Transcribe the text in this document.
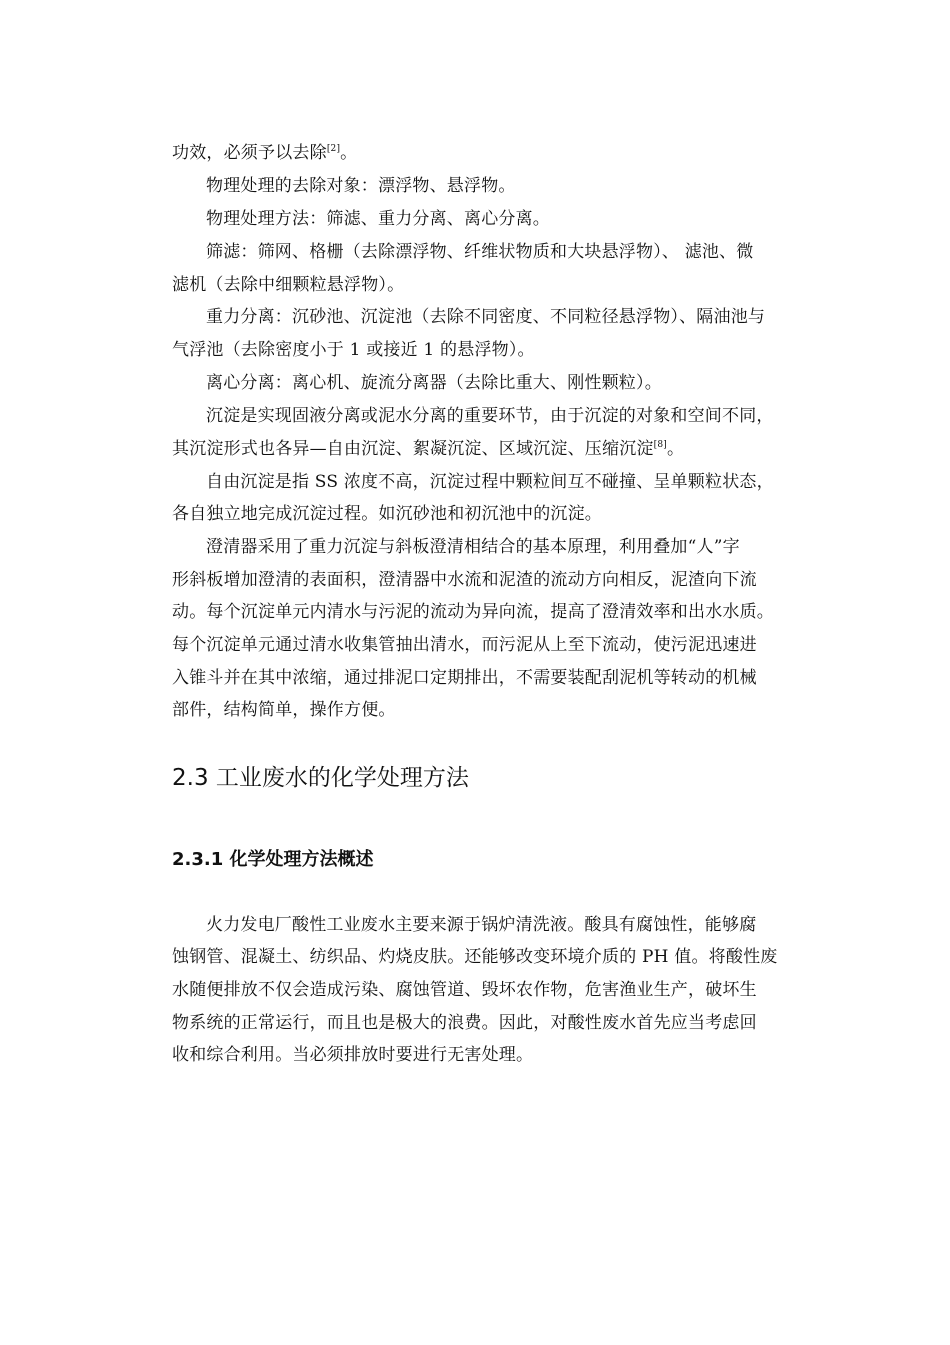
功效，必须予以去除[2]。
物理处理的去除对象：漂浮物、悬浮物。
物理处理方法：筛滤、重力分离、离心分离。
筛滤：筛网、格栅（去除漂浮物、纤维状物质和大块悬浮物）、 滤池、微
滤机（去除中细颗粒悬浮物）。
重力分离：沉砂池、沉淀池（去除不同密度、不同粒径悬浮物）、隔油池与
气浮池（去除密度小于 1 或接近 1 的悬浮物）。
离心分离：离心机、旋流分离器（去除比重大、刚性颗粒）。
沉淀是实现固液分离或泥水分离的重要环节，由于沉淀的对象和空间不同，
其沉淀形式也各异—自由沉淀、絮凝沉淀、区域沉淀、压缩沉淀[8]。
自由沉淀是指 SS 浓度不高，沉淀过程中颗粒间互不碰撞、呈单颗粒状态，
各自独立地完成沉淀过程。如沉砂池和初沉池中的沉淀。
澄清器采用了重力沉淀与斜板澄清相结合的基本原理，利用叠加“人”字
形斜板增加澄清的表面积，澄清器中水流和泥渣的流动方向相反，泥渣向下流
动。每个沉淀单元内清水与污泥的流动为异向流，提高了澄清效率和出水水质。
每个沉淀单元通过清水收集管抽出清水，而污泥从上至下流动，使污泥迅速进
入锥斗并在其中浓缩，通过排泥口定期排出，不需要装配刮泥机等转动的机械
部件，结构简单，操作方便。
2.3 工业废水的化学处理方法
2.3.1 化学处理方法概述
火力发电厂酸性工业废水主要来源于锅炉清洗液。酸具有腐蚀性，能够腐
蚀钢管、混凝土、纺织品、灼烧皮肤。还能够改变环境介质的 PH 值。将酸性废
水随便排放不仅会造成污染、腐蚀管道、毁坏农作物，危害渔业生产，破坏生
物系统的正常运行，而且也是极大的浪费。因此，对酸性废水首先应当考虑回
收和综合利用。当必须排放时要进行无害处理。
